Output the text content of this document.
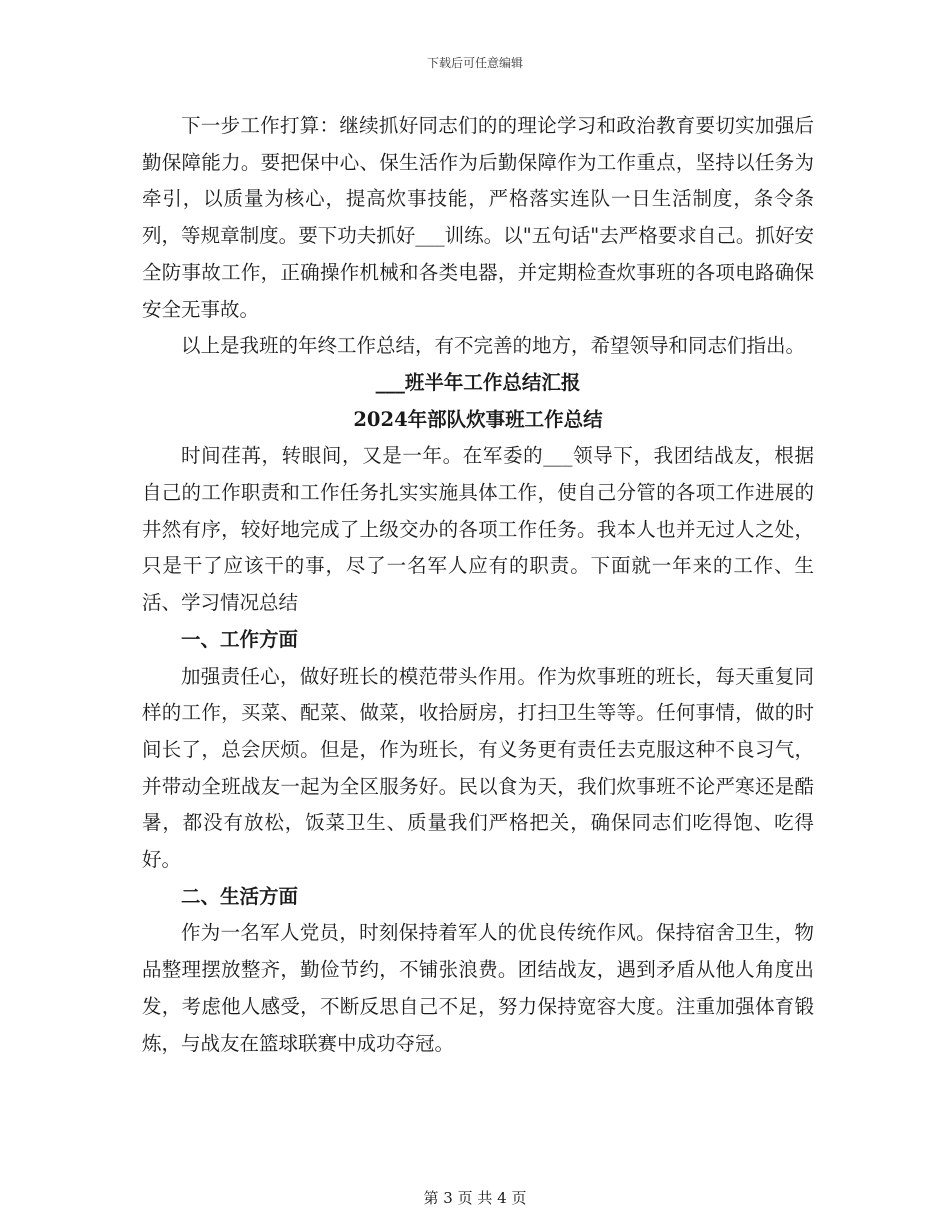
下载后可任意编辑

下一步工作打算：继续抓好同志们的的理论学习和政治教育要切实加强后勤保障能力。要把保中心、保生活作为后勤保障作为工作重点，坚持以任务为牵引，以质量为核心，提高炊事技能，严格落实连队一日生活制度，条令条列，等规章制度。要下功夫抓好___训练。以"五句话"去严格要求自己。抓好安全防事故工作，正确操作机械和各类电器，并定期检查炊事班的各项电路确保安全无事故。

以上是我班的年终工作总结，有不完善的地方，希望领导和同志们指出。

___班半年工作总结汇报

2024年部队炊事班工作总结

时间荏苒，转眼间，又是一年。在军委的___领导下，我团结战友，根据自己的工作职责和工作任务扎实实施具体工作，使自己分管的各项工作进展的井然有序，较好地完成了上级交办的各项工作任务。我本人也并无过人之处，只是干了应该干的事，尽了一名军人应有的职责。下面就一年来的工作、生活、学习情况总结

一、工作方面

加强责任心，做好班长的模范带头作用。作为炊事班的班长，每天重复同样的工作，买菜、配菜、做菜，收拾厨房，打扫卫生等等。任何事情，做的时间长了，总会厌烦。但是，作为班长，有义务更有责任去克服这种不良习气，并带动全班战友一起为全区服务好。民以食为天，我们炊事班不论严寒还是酷暑，都没有放松，饭菜卫生、质量我们严格把关，确保同志们吃得饱、吃得好。

二、生活方面

作为一名军人党员，时刻保持着军人的优良传统作风。保持宿舍卫生，物品整理摆放整齐，勤俭节约，不铺张浪费。团结战友，遇到矛盾从他人角度出发，考虑他人感受，不断反思自己不足，努力保持宽容大度。注重加强体育锻炼，与战友在篮球联赛中成功夺冠。

第 3 页 共 4 页
